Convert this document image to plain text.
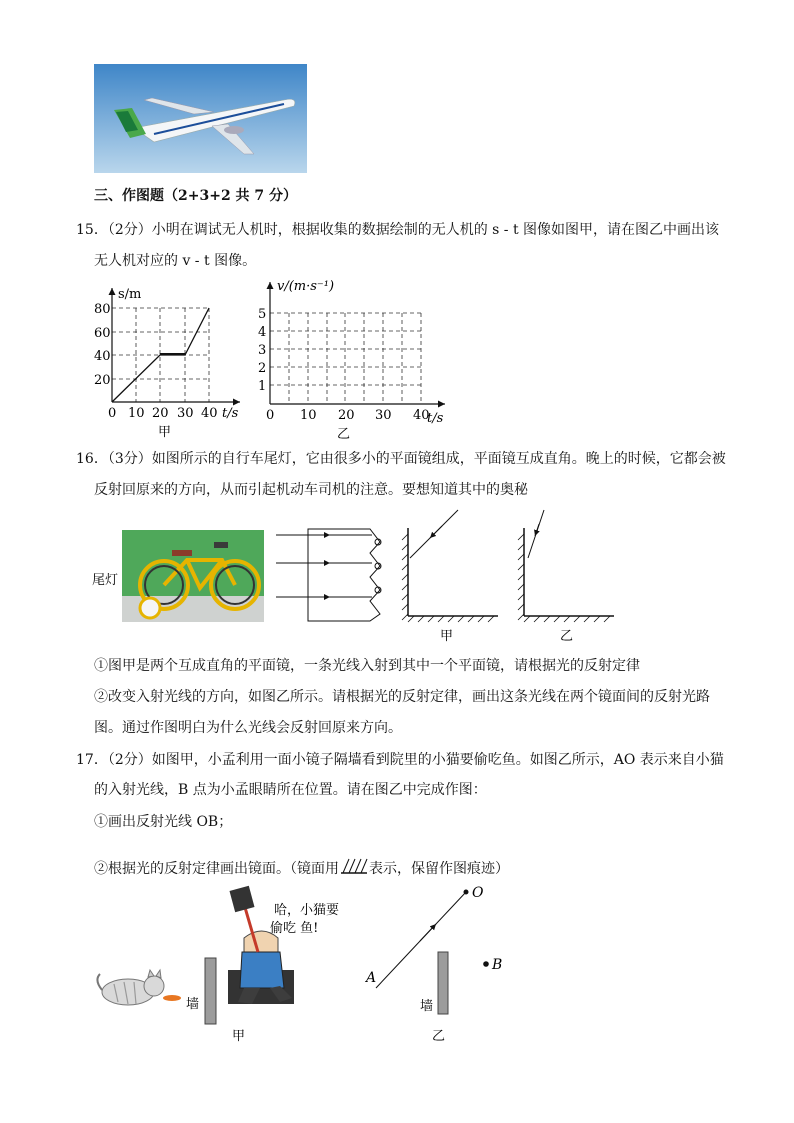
三、作图题（2+3+2 共 7 分）
15．（2分）小明在调试无人机时，根据收集的数据绘制的无人机的 s - t 图像如图甲，请在图乙中画出该
无人机对应的 v - t 图像。
s/m
t/s
80
60
40
20
0 10 20 30 40
甲
v/(m·s⁻¹)
t/s
5
4
3
2
1
0 10 20 30 40
乙
16．（3分）如图所示的自行车尾灯，它由很多小的平面镜组成，平面镜互成直角。晚上的时候，它都会被
反射回原来的方向，从而引起机动车司机的注意。要想知道其中的奥秘
尾灯
甲	乙
①图甲是两个互成直角的平面镜，一条光线入射到其中一个平面镜，请根据光的反射定律
②改变入射光线的方向，如图乙所示。请根据光的反射定律，画出这条光线在两个镜面间的反射光路
图。通过作图明白为什么光线会反射回原来方向。
17．（2分）如图甲，小孟利用一面小镜子隔墙看到院里的小猫要偷吃鱼。如图乙所示，AO 表示来自小猫
的入射光线，B 点为小孟眼睛所在位置。请在图乙中完成作图：
①画出反射光线 OB；
②根据光的反射定律画出镜面。（镜面用 表示，保留作图痕迹）
墙
哈，小猫要
偷吃 鱼!
甲
O
A
墙
B
乙
